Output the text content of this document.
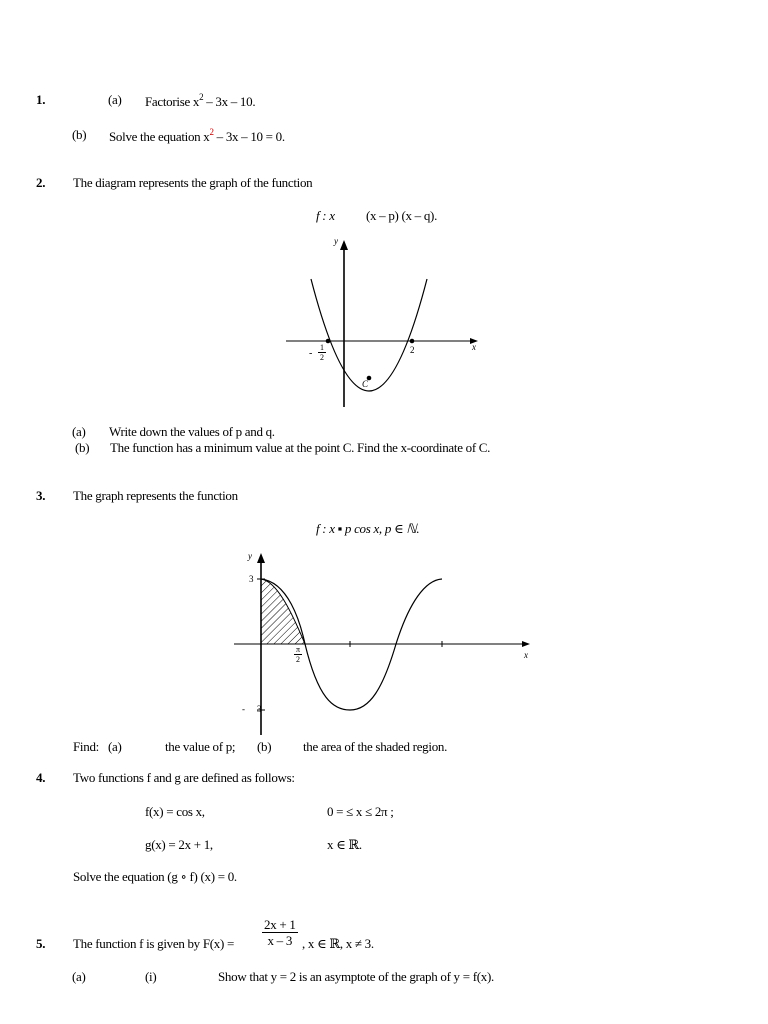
1.	(a) Factorise $x^2 - 3x - 10$.
(b) Solve the equation $x^2 - 3x - 10 = 0$.
2. The diagram represents the graph of the function
f : x (x – p) (x – q).
y
x
- $\frac{1}{2}$	2
C
(a) Write down the values of p and q.
(b) The function has a minimum value at the point C. Find the x-coordinate of C.
3. The graph represents the function
f : x ▪ p cos x, p ∈ ℕ.
y
x
3
- 3
$\frac{\pi}{2}$
Find: (a)	the value of p; (b) the area of the shaded region.
4. Two functions f and g are defined as follows:
f(x) = cos x,	0 = ≤ x ≤ 2π ;
g(x) = 2x + 1,	x ∈ ℝ.
Solve the equation (g ∘ f) (x) = 0.
$\frac{2x + 1}{x - 3}$
5. The function f is given by F(x) =	, x ∈ ℝ, x ≠ 3.
(a)	(i)	Show that y = 2 is an asymptote of the graph of y = f(x).
